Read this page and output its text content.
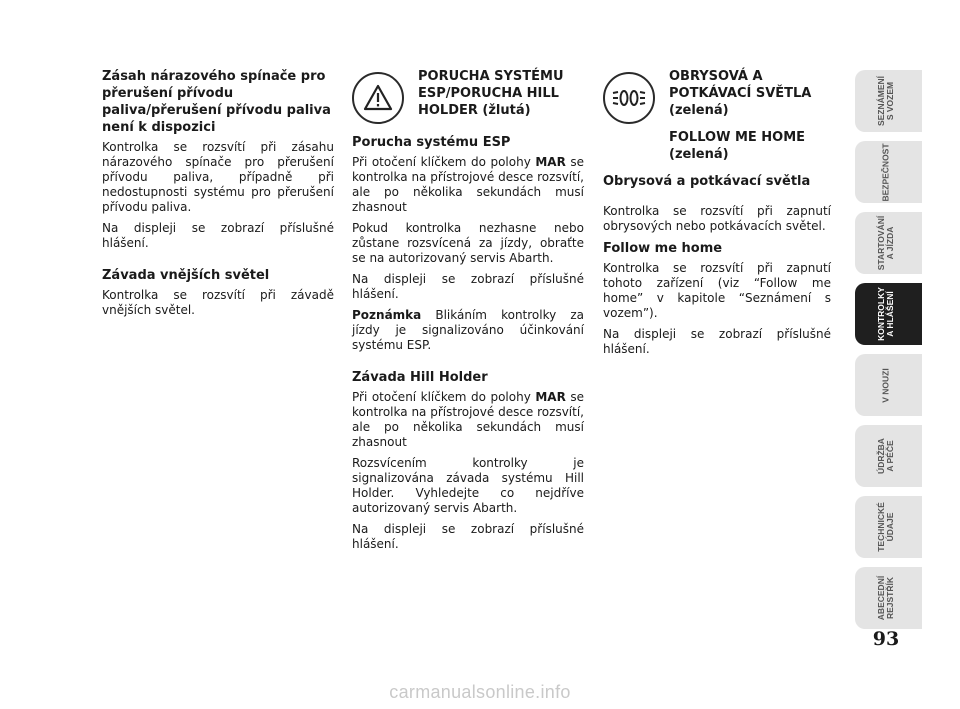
Zásah nárazového spínače pro přerušení přívodu paliva/přerušení přívodu paliva není k dispozici

Kontrolka se rozsvítí při zásahu nárazového spínače pro přerušení přívodu paliva, případně při nedostupnosti systému pro přerušení přívodu paliva.

Na displeji se zobrazí příslušné hlášení.

Závada vnějších světel

Kontrolka se rozsvítí při závadě vnějších světel.

PORUCHA SYSTÉMU ESP/PORUCHA HILL HOLDER (žlutá)
Porucha systému ESP

Při otočení klíčkem do polohy MAR se kontrolka na přístrojové desce rozsvítí, ale po několika sekundách musí zhasnout

Pokud kontrolka nezhasne nebo zůstane rozsvícená za jízdy, obraťte se na autorizovaný servis Abarth.

Na displeji se zobrazí příslušné hlášení.

Poznámka Blikáním kontrolky za jízdy je signalizováno účinkování systému ESP.

Závada Hill Holder

Při otočení klíčkem do polohy MAR se kontrolka na přístrojové desce rozsvítí, ale po několika sekundách musí zhasnout

Rozsvícením kontrolky je signalizována závada systému Hill Holder. Vyhledejte co nejdříve autorizovaný servis Abarth.

Na displeji se zobrazí příslušné hlášení.

OBRYSOVÁ A POTKÁVACÍ SVĚTLA (zelená)
FOLLOW ME HOME (zelená)
Obrysová a potkávací světla

Kontrolka se rozsvítí při zapnutí obrysových nebo potkávacích světel.

Follow me home

Kontrolka se rozsvítí při zapnutí tohoto zařízení (viz “Follow me home” v kapitole “Seznámení s vozem”).

Na displeji se zobrazí příslušné hlášení.

SEZNÁMENÍ
S VOZEM
BEZPEČNOST
STARTOVÁNÍ
A JÍZDA
KONTROLKY
A HLÁŠENÍ
V NOUZI
ÚDRŽBA
A PÉČE
TECHNICKÉ
ÚDAJE
ABECEDNÍ
REJSTŘÍK
93
carmanualsonline.info
